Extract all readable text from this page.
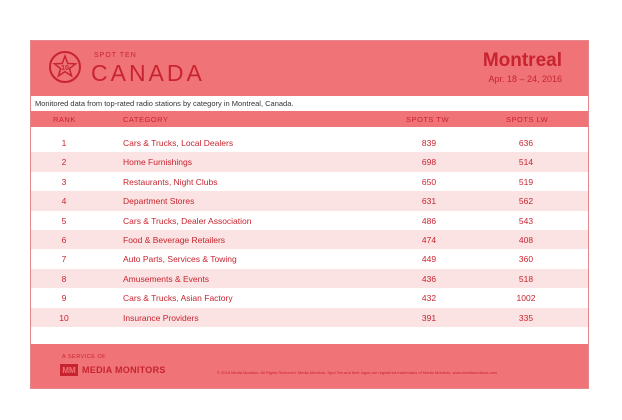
10
SPOT TEN
CANADA	Montreal
Apr. 18 – 24, 2016
Monitored data from top-rated radio stations by category in Montreal, Canada.
RANK	CATEGORY	SPOTS TW	SPOTS LW
1	Cars & Trucks, Local Dealers	839	636
2	Home Furnishings	698	514
3	Restaurants, Night Clubs	650	519
4	Department Stores	631	562
5	Cars & Trucks, Dealer Association	486	543
6	Food & Beverage Retailers	474	408
7	Auto Parts, Services & Towing	449	360
8	Amusements & Events	436	518
9	Cars & Trucks, Asian Factory	432	1002
10	Insurance Providers	391	335
A SERVICE OF
MM MEDIA MONITORS	© 2016 Media Monitors. All Rights Reserved. Media Monitors, Spot Ten and their logos are registered trademarks of Media Monitors. www.mediamonitors.com
